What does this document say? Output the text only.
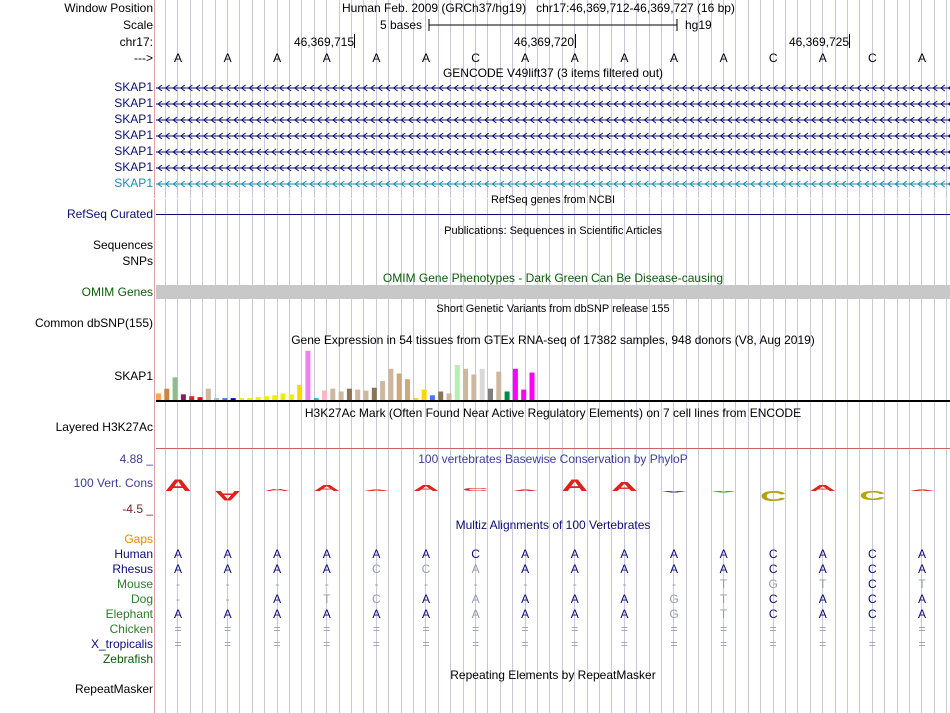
Window Position	Human Feb. 2009 (GRCh37/hg19)   chr17:46,369,712-46,369,727 (16 bp)
Scale	5 bases	hg19
chr17:	46,369,715	46,369,720	46,369,725
--->	A	A	A	A	A	A	C	A	A	A	A	A	C	A	C	A
GENCODE V49lift37 (3 items filtered out)
SKAP1
SKAP1
SKAP1
SKAP1
SKAP1
SKAP1
SKAP1
RefSeq genes from NCBI
RefSeq Curated
Publications: Sequences in Scientific Articles
Sequences
SNPs
OMIM Gene Phenotypes - Dark Green Can Be Disease-causing
OMIM Genes
Short Genetic Variants from dbSNP release 155
Common dbSNP(155)
Gene Expression in 54 tissues from GTEx RNA-seq of 17382 samples, 948 donors (V8, Aug 2019)
SKAP1
H3K27Ac Mark (Often Found Near Active Regulatory Elements) on 7 cell lines from ENCODE
Layered H3K27Ac
100 vertebrates Basewise Conservation by PhyloP
4.88 _
100 Vert. Cons
-4.5 _
A
A A A A A C A A A A A C A
C A
Multiz Alignments of 100 Vertebrates
Gaps
Human	A	A	A	A	A	A	C	A	A	A	A	A	C	A	C	A
Rhesus	A	A	A	A	C	C	A	A	A	A	A	A	C	A	C	A
Mouse	-	-	-	-	-	-	-	-	-	-	-	T	G	T	C	T
Dog	-	-	A	T	C	A	A	A	A	A	G	T	C	A	C	A
Elephant	A	A	A	A	A	A	A	A	A	A	G	T	C	A	C	A
Chicken	=	=	=	=	=	=	=	=	=	=	=	=	=	=	=	=
X_tropicalis	=	=	=	=	=	=	=	=	=	=	=	=	=	=	=	=
Zebrafish
Repeating Elements by RepeatMasker
RepeatMasker
